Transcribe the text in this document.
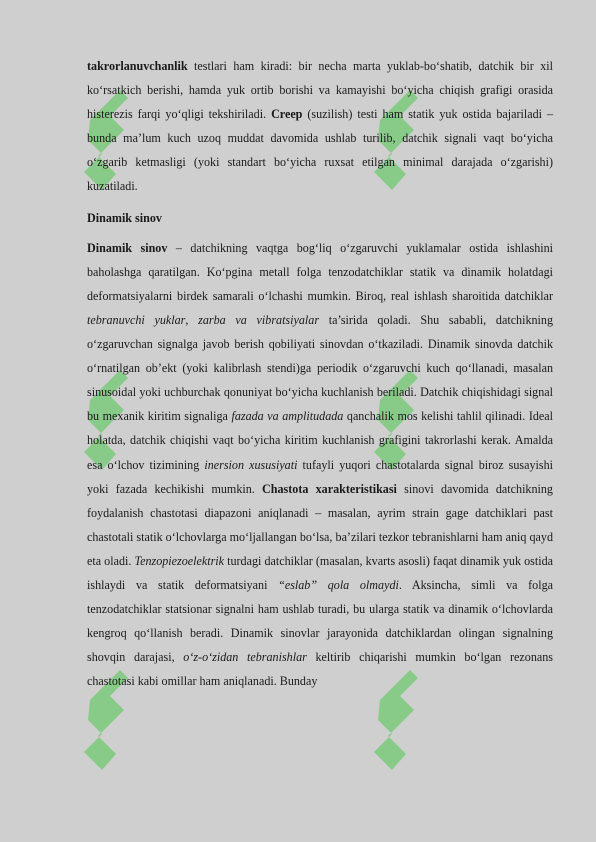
takrorlanuvchanlik testlari ham kiradi: bir necha marta yuklab-bo‘shatib, datchik bir xil ko‘rsatkich berishi, hamda yuk ortib borishi va kamayishi bo‘yicha chiqish grafigi orasida histerezis farqi yo‘qligi tekshiriladi. Creep (suzilish) testi ham statik yuk ostida bajariladi – bunda ma’lum kuch uzoq muddat davomida ushlab turilib, datchik signali vaqt bo‘yicha o‘zgarib ketmasligi (yoki standart bo‘yicha ruxsat etilgan minimal darajada o‘zgarishi) kuzatiladi.

Dinamik sinov

Dinamik sinov – datchikning vaqtga bog‘liq o‘zgaruvchi yuklamalar ostida ishlashini baholashga qaratilgan. Ko‘pgina metall folga tenzodatchiklar statik va dinamik holatdagi deformatsiyalarni birdek samarali o‘lchashi mumkin. Biroq, real ishlash sharoitida datchiklar tebranuvchi yuklar, zarba va vibratsiyalar ta’sirida qoladi. Shu sababli, datchikning o‘zgaruvchan signalga javob berish qobiliyati sinovdan o‘tkaziladi. Dinamik sinovda datchik o‘rnatilgan ob’ekt (yoki kalibrlash stendi)ga periodik o‘zgaruvchi kuch qo‘llanadi, masalan sinusoidal yoki uchburchak qonuniyat bo‘yicha kuchlanish beriladi. Datchik chiqishidagi signal bu mexanik kiritim signaliga fazada va amplitudada qanchalik mos kelishi tahlil qilinadi. Ideal holatda, datchik chiqishi vaqt bo‘yicha kiritim kuchlanish grafigini takrorlashi kerak. Amalda esa o‘lchov tizimining inersion xususiyati tufayli yuqori chastotalarda signal biroz susayishi yoki fazada kechikishi mumkin. Chastota xarakteristikasi sinovi davomida datchikning foydalanish chastotasi diapazoni aniqlanadi – masalan, ayrim strain gage datchiklari past chastotali statik o‘lchovlarga mo‘ljallangan bo‘lsa, ba’zilari tezkor tebranishlarni ham aniq qayd eta oladi. Tenzopiezoelektrik turdagi datchiklar (masalan, kvarts asosli) faqat dinamik yuk ostida ishlaydi va statik deformatsiyani “eslab” qola olmaydi. Aksincha, simli va folga tenzodatchiklar statsionar signalni ham ushlab turadi, bu ularga statik va dinamik o‘lchovlarda kengroq qo‘llanish beradi. Dinamik sinovlar jarayonida datchiklardan olingan signalning shovqin darajasi, o‘z-o‘zidan tebranishlar keltirib chiqarishi mumkin bo‘lgan rezonans chastotasi kabi omillar ham aniqlanadi. Bunday
